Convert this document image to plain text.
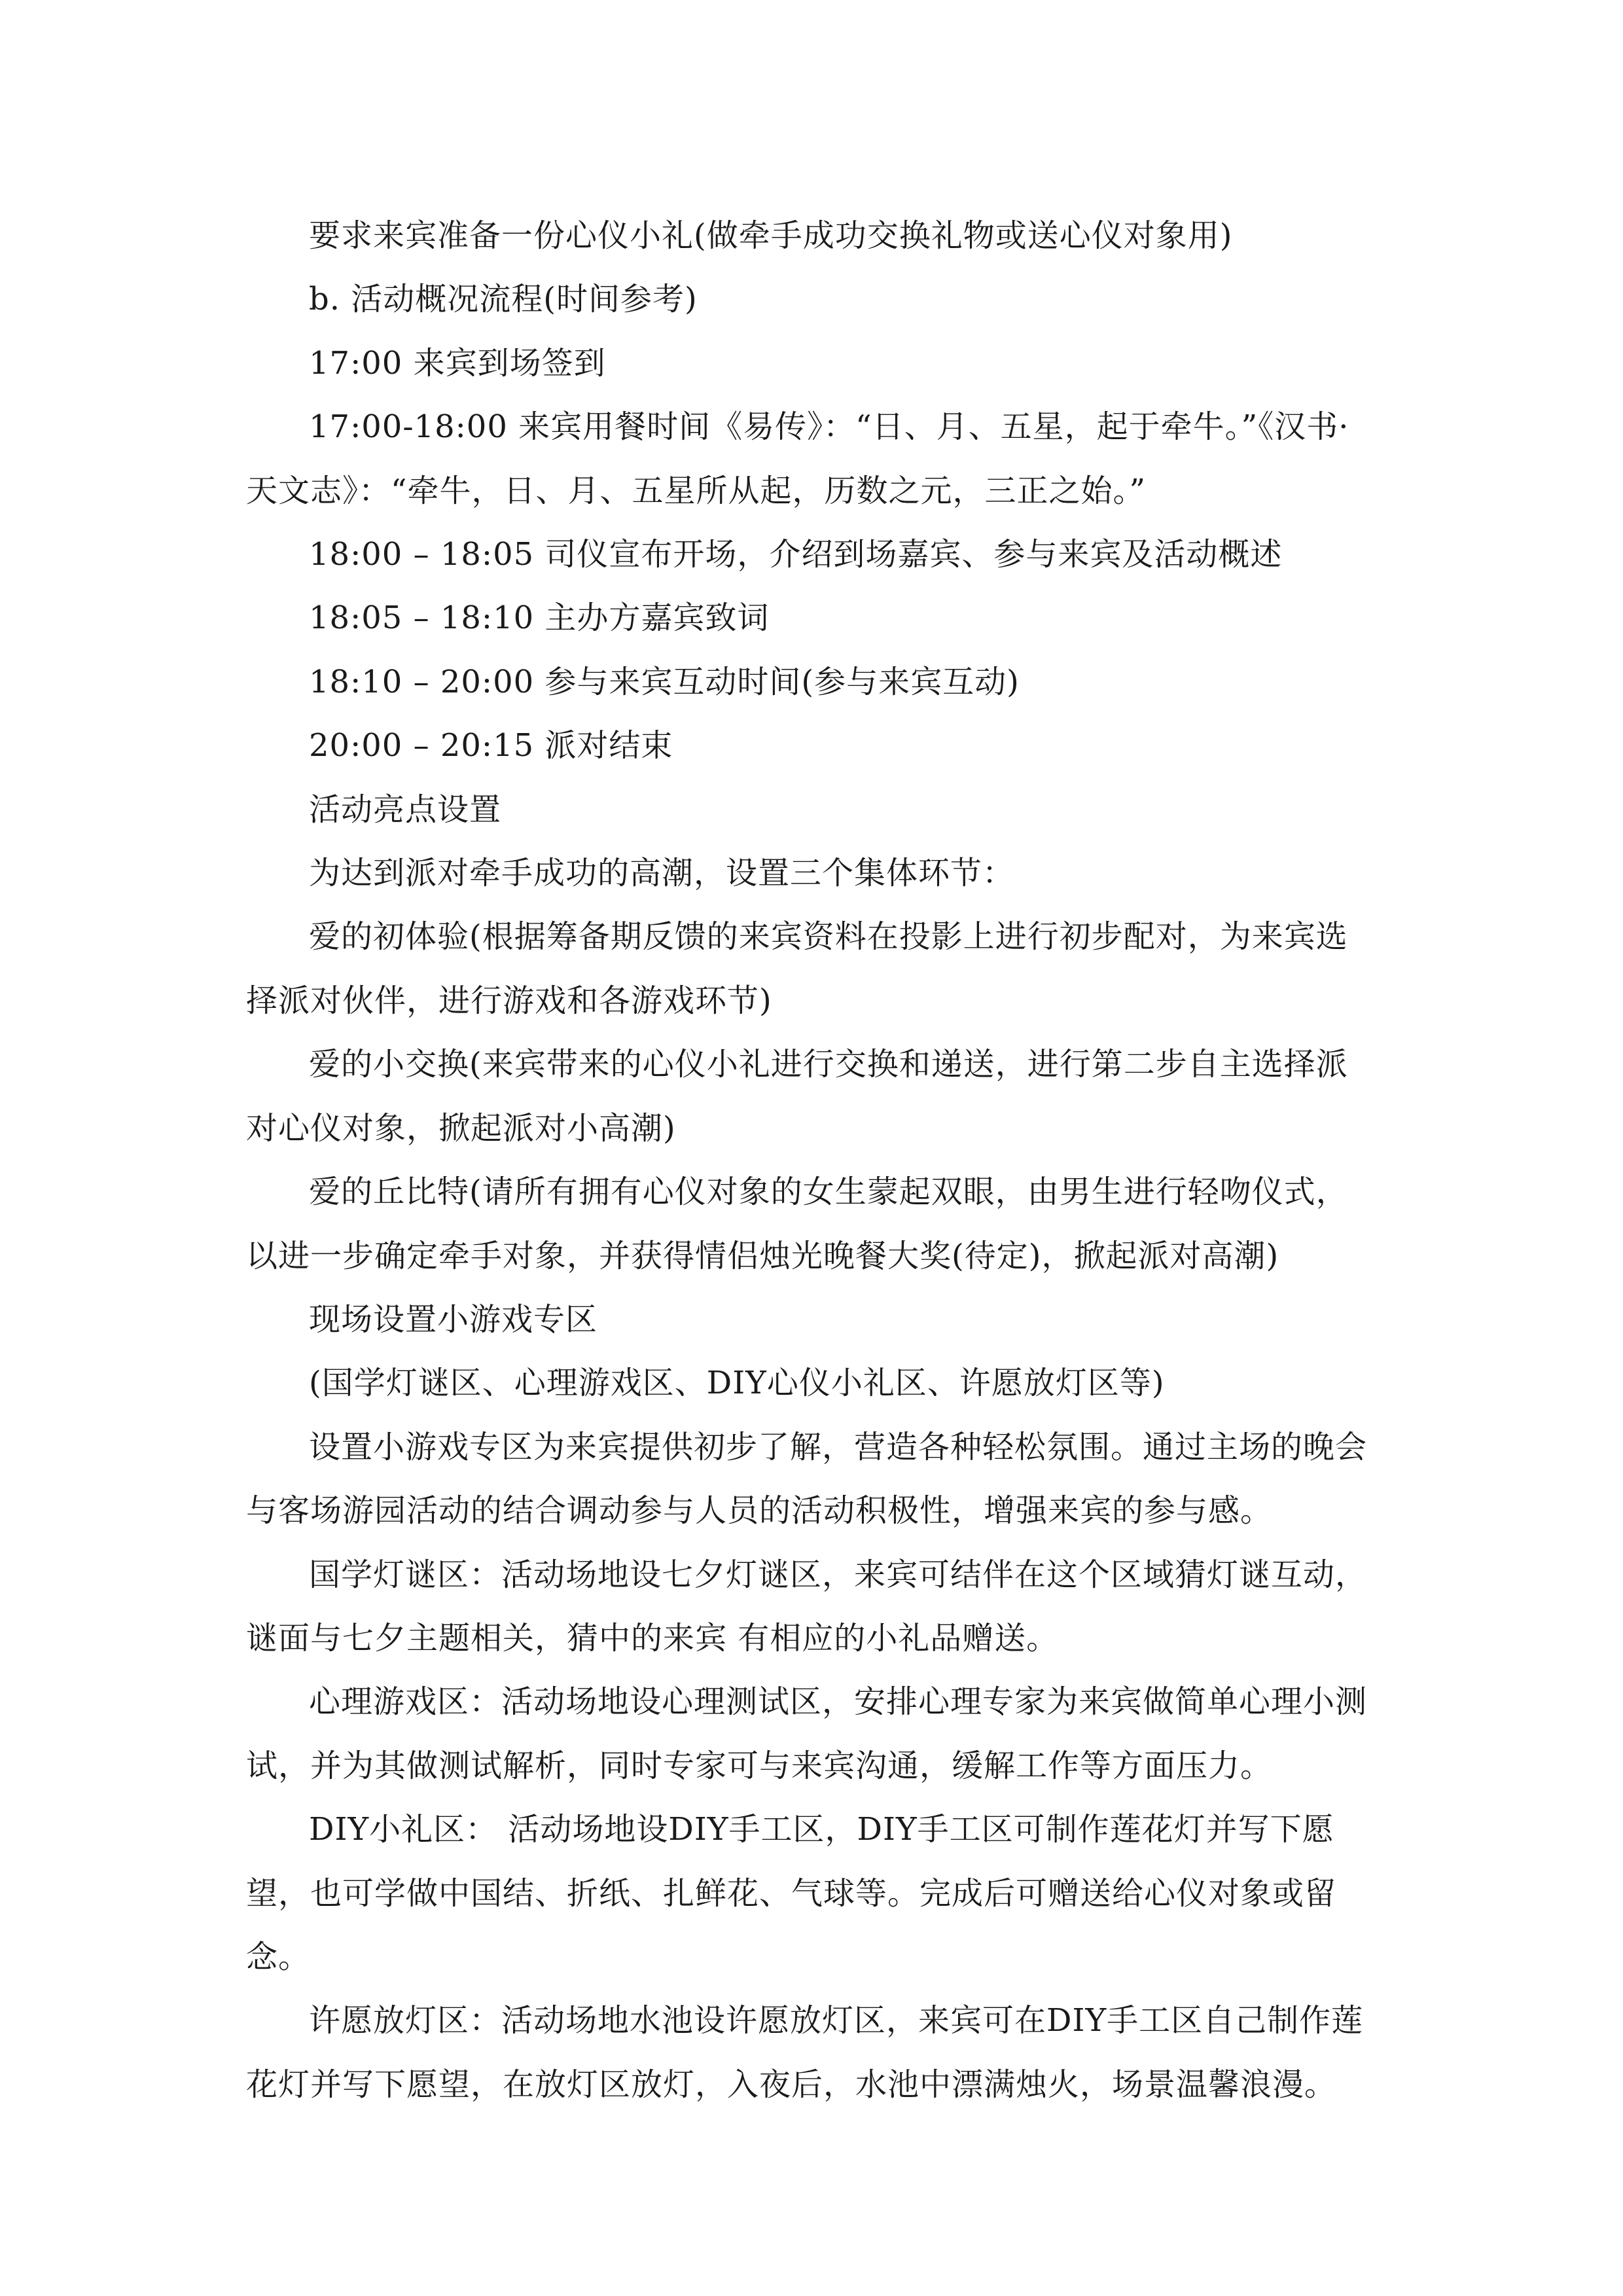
要求来宾准备一份心仪小礼(做牵手成功交换礼物或送心仪对象用)

b. 活动概况流程(时间参考)

17:00 来宾到场签到

17:00-18:00 来宾用餐时间《易传》：“日、月、五星，起于牵牛。”《汉书·天文志》：“牵牛，日、月、五星所从起，历数之元，三正之始。”

18:00 – 18:05 司仪宣布开场，介绍到场嘉宾、参与来宾及活动概述

18:05 – 18:10 主办方嘉宾致词

18:10 – 20:00 参与来宾互动时间(参与来宾互动)

20:00 – 20:15 派对结束

活动亮点设置

为达到派对牵手成功的高潮，设置三个集体环节：

爱的初体验(根据筹备期反馈的来宾资料在投影上进行初步配对，为来宾选择派对伙伴，进行游戏和各游戏环节)

爱的小交换(来宾带来的心仪小礼进行交换和递送，进行第二步自主选择派对心仪对象，掀起派对小高潮)

爱的丘比特(请所有拥有心仪对象的女生蒙起双眼，由男生进行轻吻仪式，以进一步确定牵手对象，并获得情侣烛光晚餐大奖(待定)，掀起派对高潮)

现场设置小游戏专区

(国学灯谜区、心理游戏区、DIY心仪小礼区、许愿放灯区等)

设置小游戏专区为来宾提供初步了解，营造各种轻松氛围。通过主场的晚会与客场游园活动的结合调动参与人员的活动积极性，增强来宾的参与感。

国学灯谜区：活动场地设七夕灯谜区，来宾可结伴在这个区域猜灯谜互动，谜面与七夕主题相关，猜中的来宾 有相应的小礼品赠送。

心理游戏区：活动场地设心理测试区，安排心理专家为来宾做简单心理小测试，并为其做测试解析，同时专家可与来宾沟通，缓解工作等方面压力。

DIY小礼区： 活动场地设DIY手工区，DIY手工区可制作莲花灯并写下愿望，也可学做中国结、折纸、扎鲜花、气球等。完成后可赠送给心仪对象或留念。

许愿放灯区：活动场地水池设许愿放灯区，来宾可在DIY手工区自己制作莲花灯并写下愿望，在放灯区放灯，入夜后，水池中漂满烛火，场景温馨浪漫。
